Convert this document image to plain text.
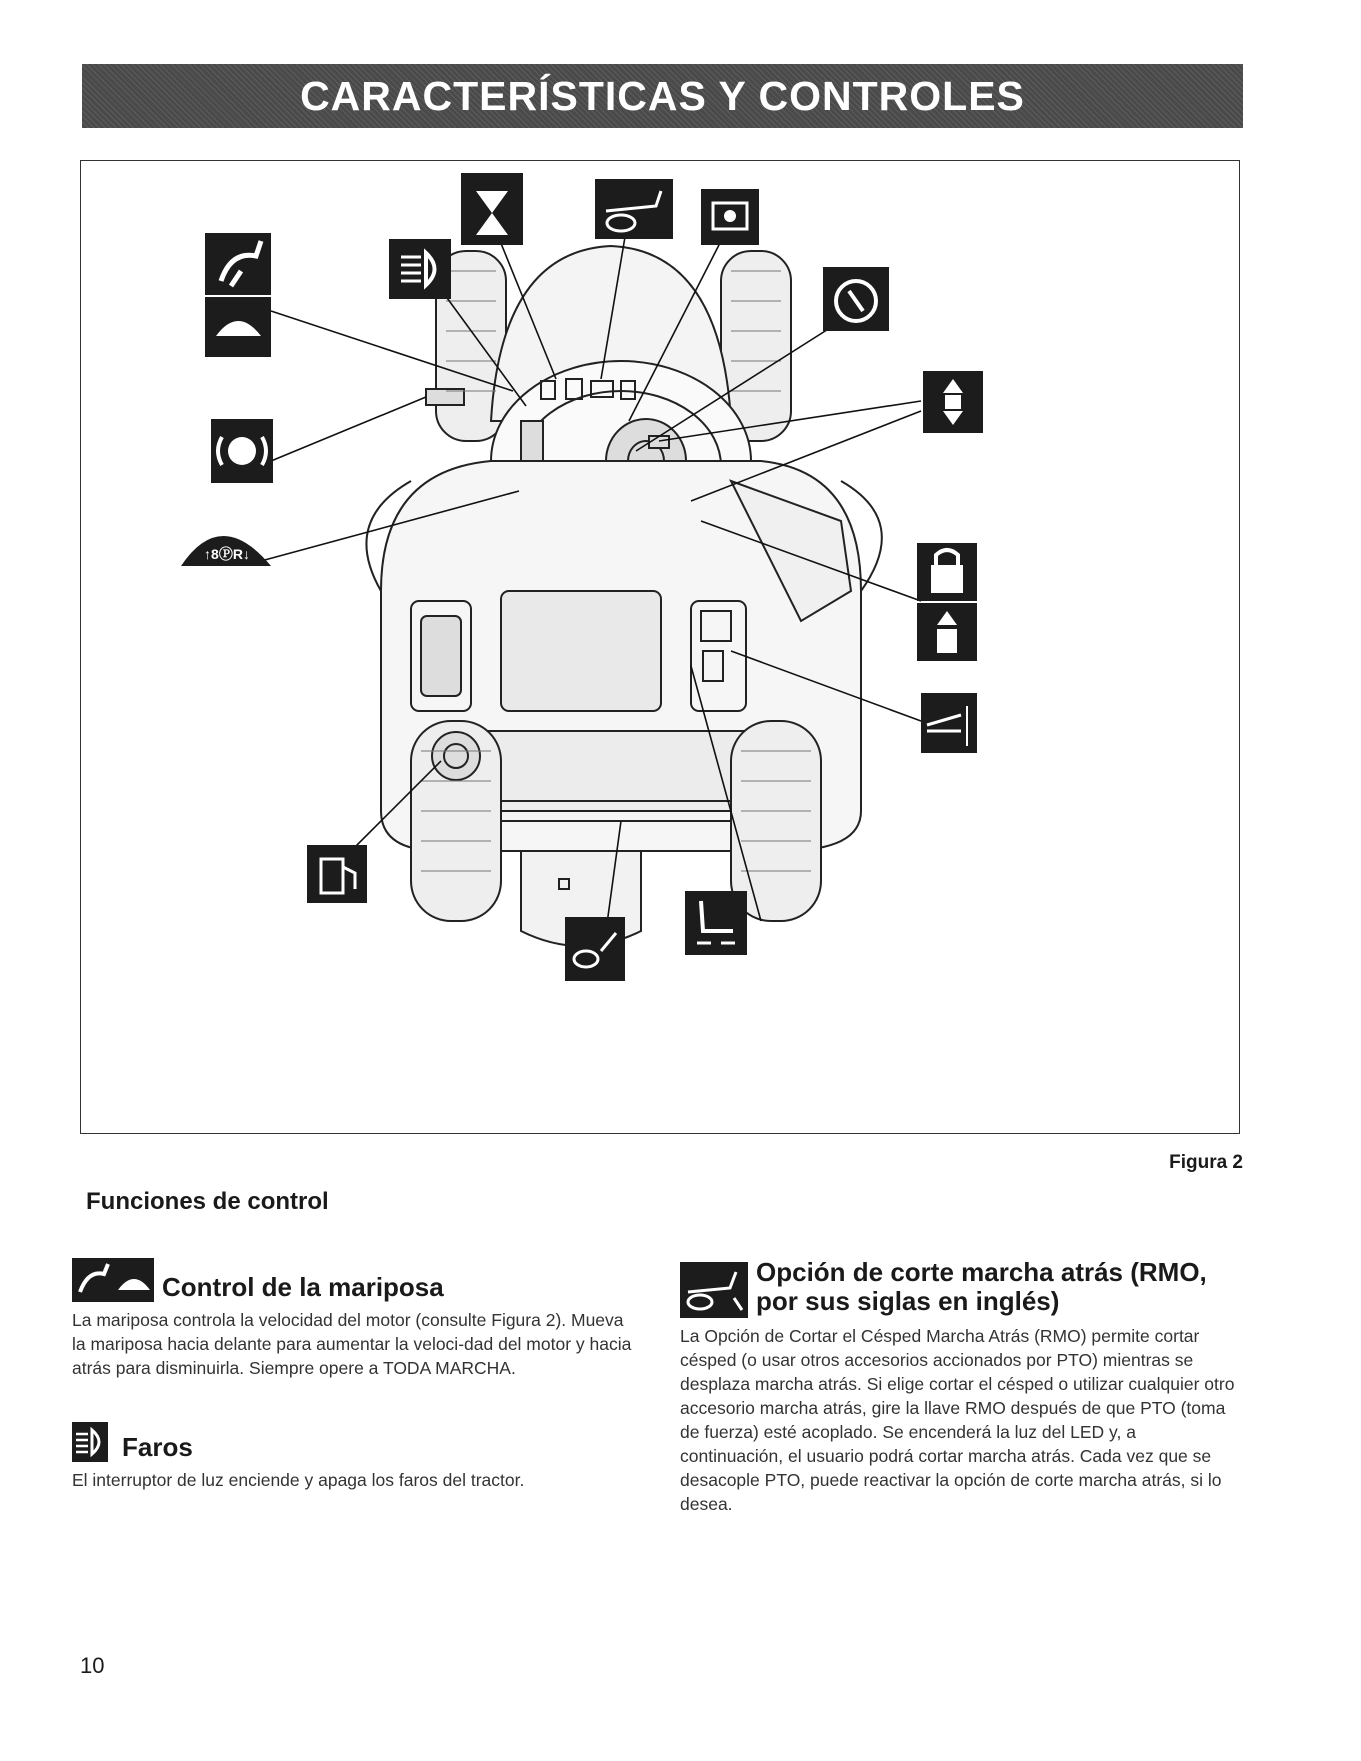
CARACTERÍSTICAS Y CONTROLES
↑8ⓅR↓
Figura 2
Funciones de control
Control de la mariposa

La mariposa controla la velocidad del motor (consulte Figura 2). Mueva la mariposa hacia delante para aumentar la veloci-dad del motor y hacia atrás para disminuirla. Siempre opere a TODA MARCHA.

Faros

El interruptor de luz enciende y apaga los faros del tractor.

Opción de corte marcha atrás (RMO, por sus siglas en inglés)

La Opción de Cortar el Césped Marcha Atrás (RMO) permite cortar césped (o usar otros accesorios accionados por PTO) mientras se desplaza marcha atrás. Si elige cortar el césped o utilizar cualquier otro accesorio marcha atrás, gire la llave RMO después de que PTO (toma de fuerza) esté acoplado. Se encenderá la luz del LED y, a continuación, el usuario podrá cortar marcha atrás. Cada vez que se desacople PTO, puede reactivar la opción de corte marcha atrás, si lo desea.

10
